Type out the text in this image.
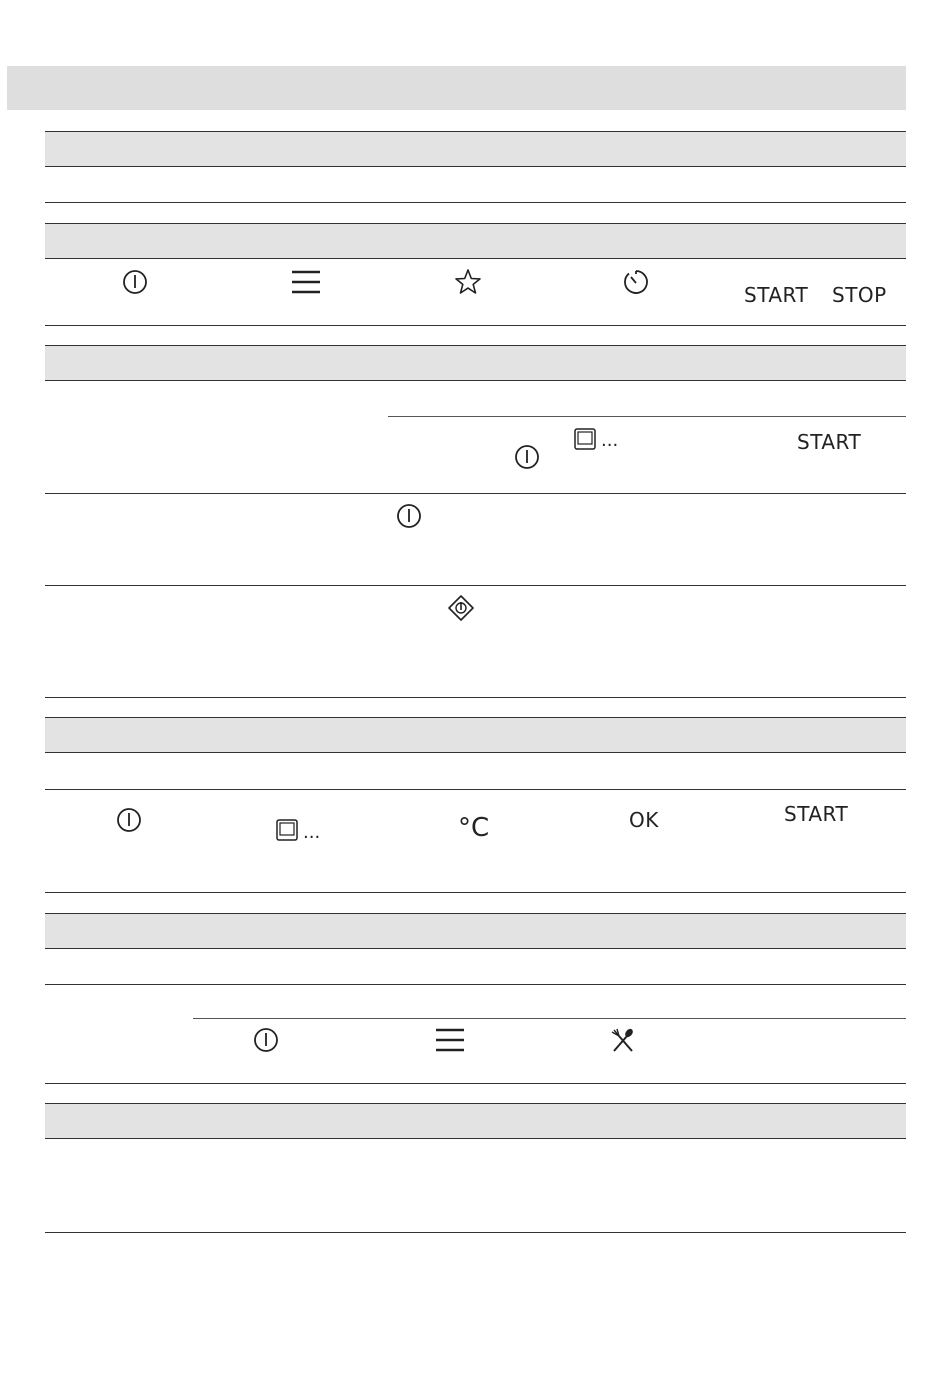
START STOP
...	START
...	°C	OK	START
